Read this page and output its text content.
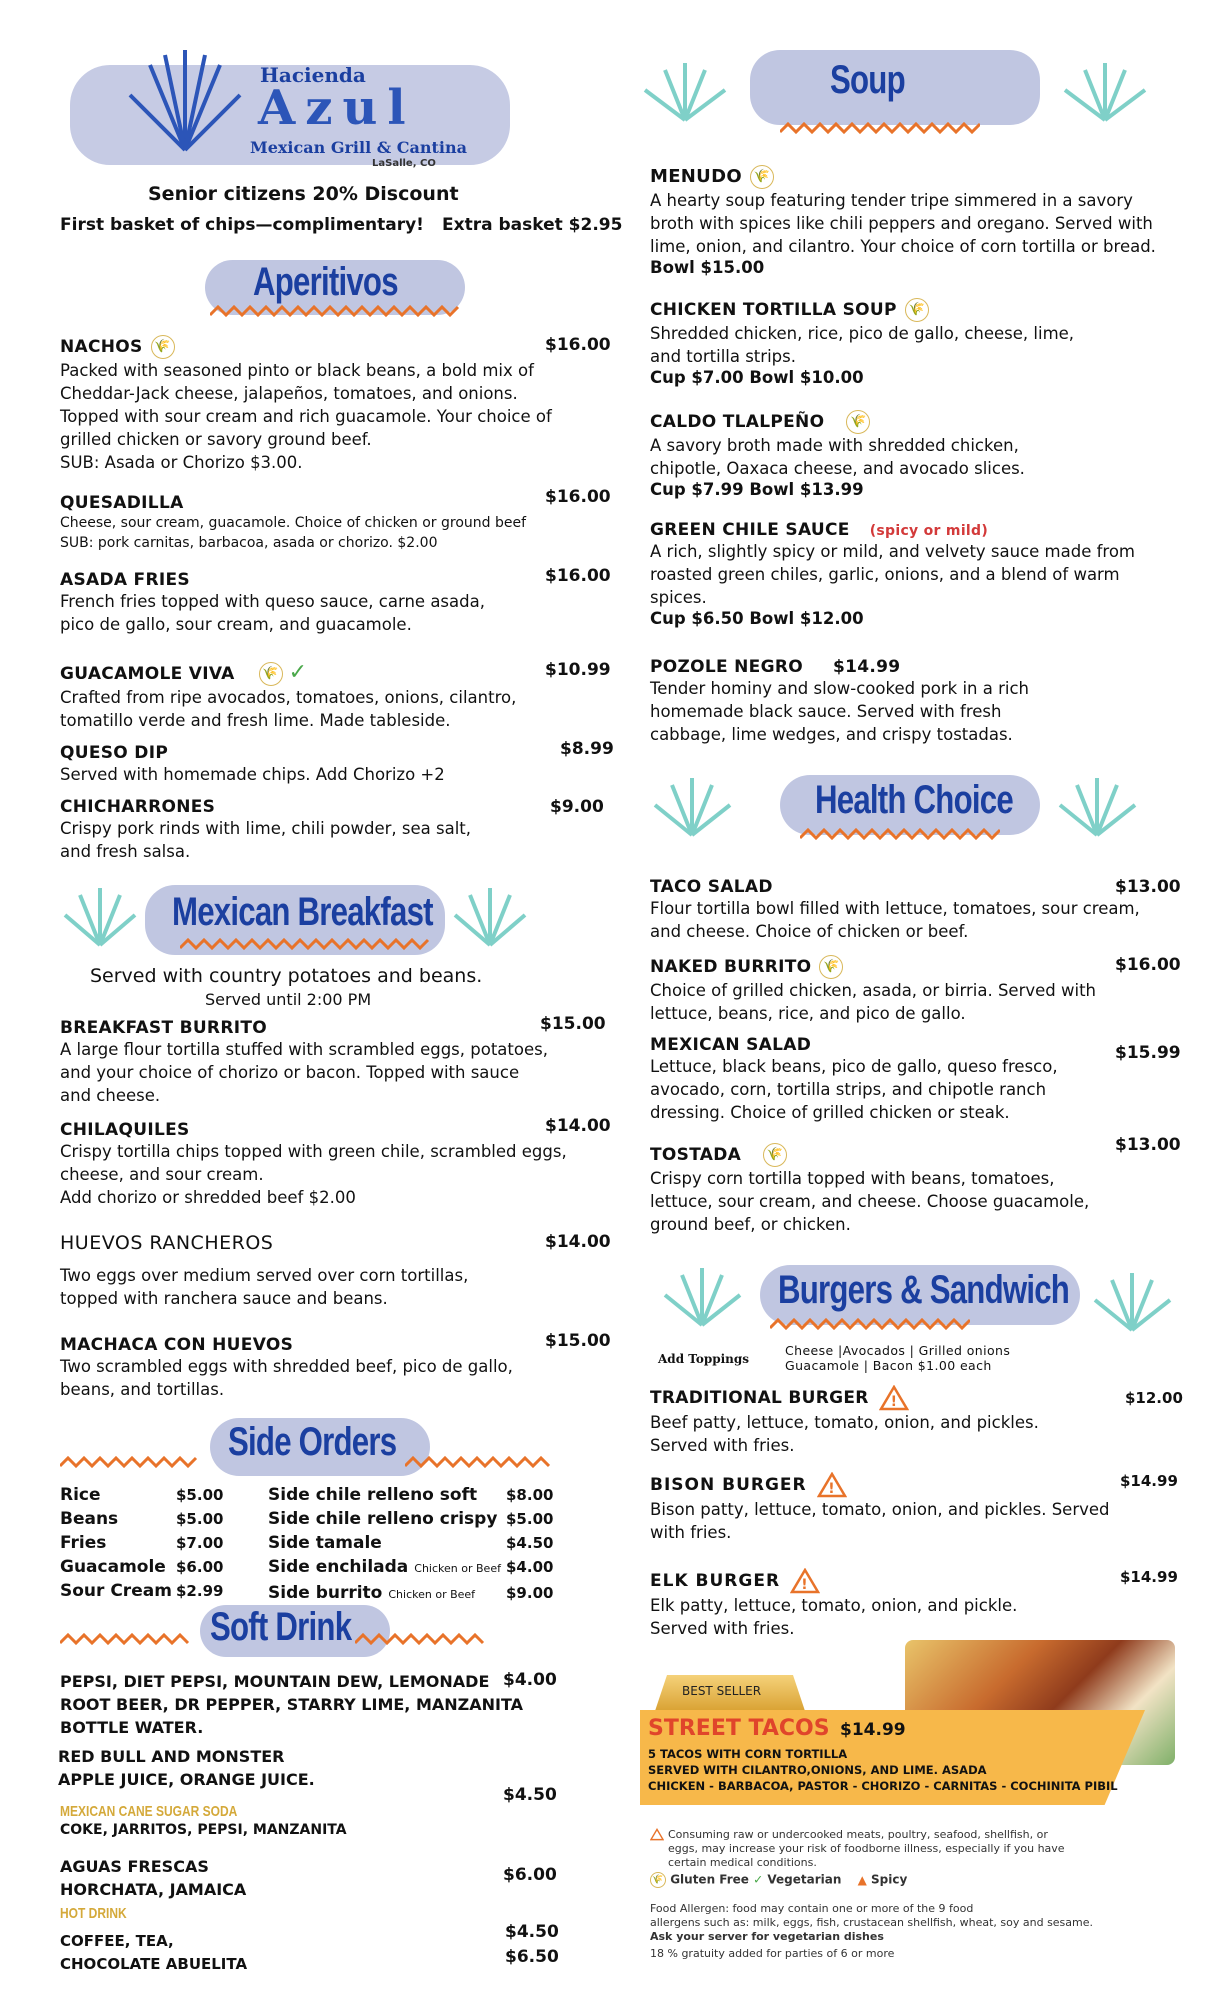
Hacienda
Azul
Mexican Grill & Cantina
LaSalle, CO
Senior citizens 20% Discount
First basket of chips—complimentary! Extra basket $2.95
Aperitivos
NACHOS 🌾	$16.00
Packed with seasoned pinto or black beans, a bold mix of
Cheddar-Jack cheese, jalapeños, tomatoes, and onions.
Topped with sour cream and rich guacamole. Your choice of
grilled chicken or savory ground beef.
SUB: Asada or Chorizo $3.00.
QUESADILLA	$16.00
Cheese, sour cream, guacamole. Choice of chicken or ground beef
SUB: pork carnitas, barbacoa, asada or chorizo. $2.00
ASADA FRIES	$16.00
French fries topped with queso sauce, carne asada,
pico de gallo, sour cream, and guacamole.
GUACAMOLE VIVA 🌾 ✓	$10.99
Crafted from ripe avocados, tomatoes, onions, cilantro,
tomatillo verde and fresh lime. Made tableside.
QUESO DIP	$8.99
Served with homemade chips. Add Chorizo +2
CHICHARRONES	$9.00
Crispy pork rinds with lime, chili powder, sea salt,
and fresh salsa.
Mexican Breakfast
Served with country potatoes and beans.
Served until 2:00 PM
BREAKFAST BURRITO	$15.00
A large flour tortilla stuffed with scrambled eggs, potatoes,
and your choice of chorizo or bacon. Topped with sauce
and cheese.
CHILAQUILES	$14.00
Crispy tortilla chips topped with green chile, scrambled eggs,
cheese, and sour cream.
Add chorizo or shredded beef $2.00
HUEVOS RANCHEROS	$14.00
Two eggs over medium served over corn tortillas,
topped with ranchera sauce and beans.
MACHACA CON HUEVOS	$15.00
Two scrambled eggs with shredded beef, pico de gallo,
beans, and tortillas.
Side Orders
Rice	$5.00
Beans	$5.00
Fries	$7.00
Guacamole $6.00
Sour Cream $2.99
Side chile relleno soft $8.00
Side chile relleno crispy $5.00
Side tamale	$4.50
Side enchilada Chicken or Beef $4.00
Side burrito Chicken or Beef $9.00
Soft Drink
PEPSI, DIET PEPSI, MOUNTAIN DEW, LEMONADE
ROOT BEER, DR PEPPER, STARRY LIME, MANZANITA
BOTTLE WATER.
$4.00
RED BULL AND MONSTER
APPLE JUICE, ORANGE JUICE.
$4.50
MEXICAN CANE SUGAR SODA
COKE, JARRITOS, PEPSI, MANZANITA
AGUAS FRESCAS
HORCHATA, JAMAICA
$6.00
HOT DRINK
COFFEE, TEA,
CHOCOLATE ABUELITA
$4.50
$6.50
Soup
MENUDO 🌾
A hearty soup featuring tender tripe simmered in a savory
broth with spices like chili peppers and oregano. Served with
lime, onion, and cilantro. Your choice of corn tortilla or bread.
Bowl $15.00
CHICKEN TORTILLA SOUP 🌾
Shredded chicken, rice, pico de gallo, cheese, lime,
and tortilla strips.
Cup $7.00 Bowl $10.00
CALDO TLALPEÑO 🌾
A savory broth made with shredded chicken,
chipotle, Oaxaca cheese, and avocado slices.
Cup $7.99 Bowl $13.99
GREEN CHILE SAUCE (spicy or mild)
A rich, slightly spicy or mild, and velvety sauce made from
roasted green chiles, garlic, onions, and a blend of warm
spices.
Cup $6.50 Bowl $12.00
POZOLE NEGRO $14.99
Tender hominy and slow-cooked pork in a rich
homemade black sauce. Served with fresh
cabbage, lime wedges, and crispy tostadas.
Health Choice
TACO SALAD	$13.00
Flour tortilla bowl filled with lettuce, tomatoes, sour cream,
and cheese. Choice of chicken or beef.
NAKED BURRITO 🌾	$16.00
Choice of grilled chicken, asada, or birria. Served with
lettuce, beans, rice, and pico de gallo.
MEXICAN SALAD	$15.99
Lettuce, black beans, pico de gallo, queso fresco,
avocado, corn, tortilla strips, and chipotle ranch
dressing. Choice of grilled chicken or steak.
TOSTADA 🌾	$13.00
Crispy corn tortilla topped with beans, tomatoes,
lettuce, sour cream, and cheese. Choose guacamole,
ground beef, or chicken.
Burgers & Sandwich
Add Toppings
Cheese |Avocados | Grilled onions
Guacamole | Bacon $1.00 each
TRADITIONAL BURGER !	$12.00
Beef patty, lettuce, tomato, onion, and pickles.
Served with fries.
BISON BURGER !	$14.99
Bison patty, lettuce, tomato, onion, and pickles. Served
with fries.
ELK BURGER !	$14.99
Elk patty, lettuce, tomato, onion, and pickle.
Served with fries.
BEST SELLER
STREET TACOS $14.99
5 TACOS WITH CORN TORTILLA
SERVED WITH CILANTRO,ONIONS, AND LIME. ASADA
CHICKEN - BARBACOA, PASTOR - CHORIZO - CARNITAS - COCHINITA PIBIL
Consuming raw or undercooked meats, poultry, seafood, shellfish, or
eggs, may increase your risk of foodborne illness, especially if you have
certain medical conditions.
🌾 Gluten Free ✓ Vegetarian ▲ Spicy
Food Allergen: food may contain one or more of the 9 food
allergens such as: milk, eggs, fish, crustacean shellfish, wheat, soy and sesame.
Ask your server for vegetarian dishes
18 % gratuity added for parties of 6 or more
